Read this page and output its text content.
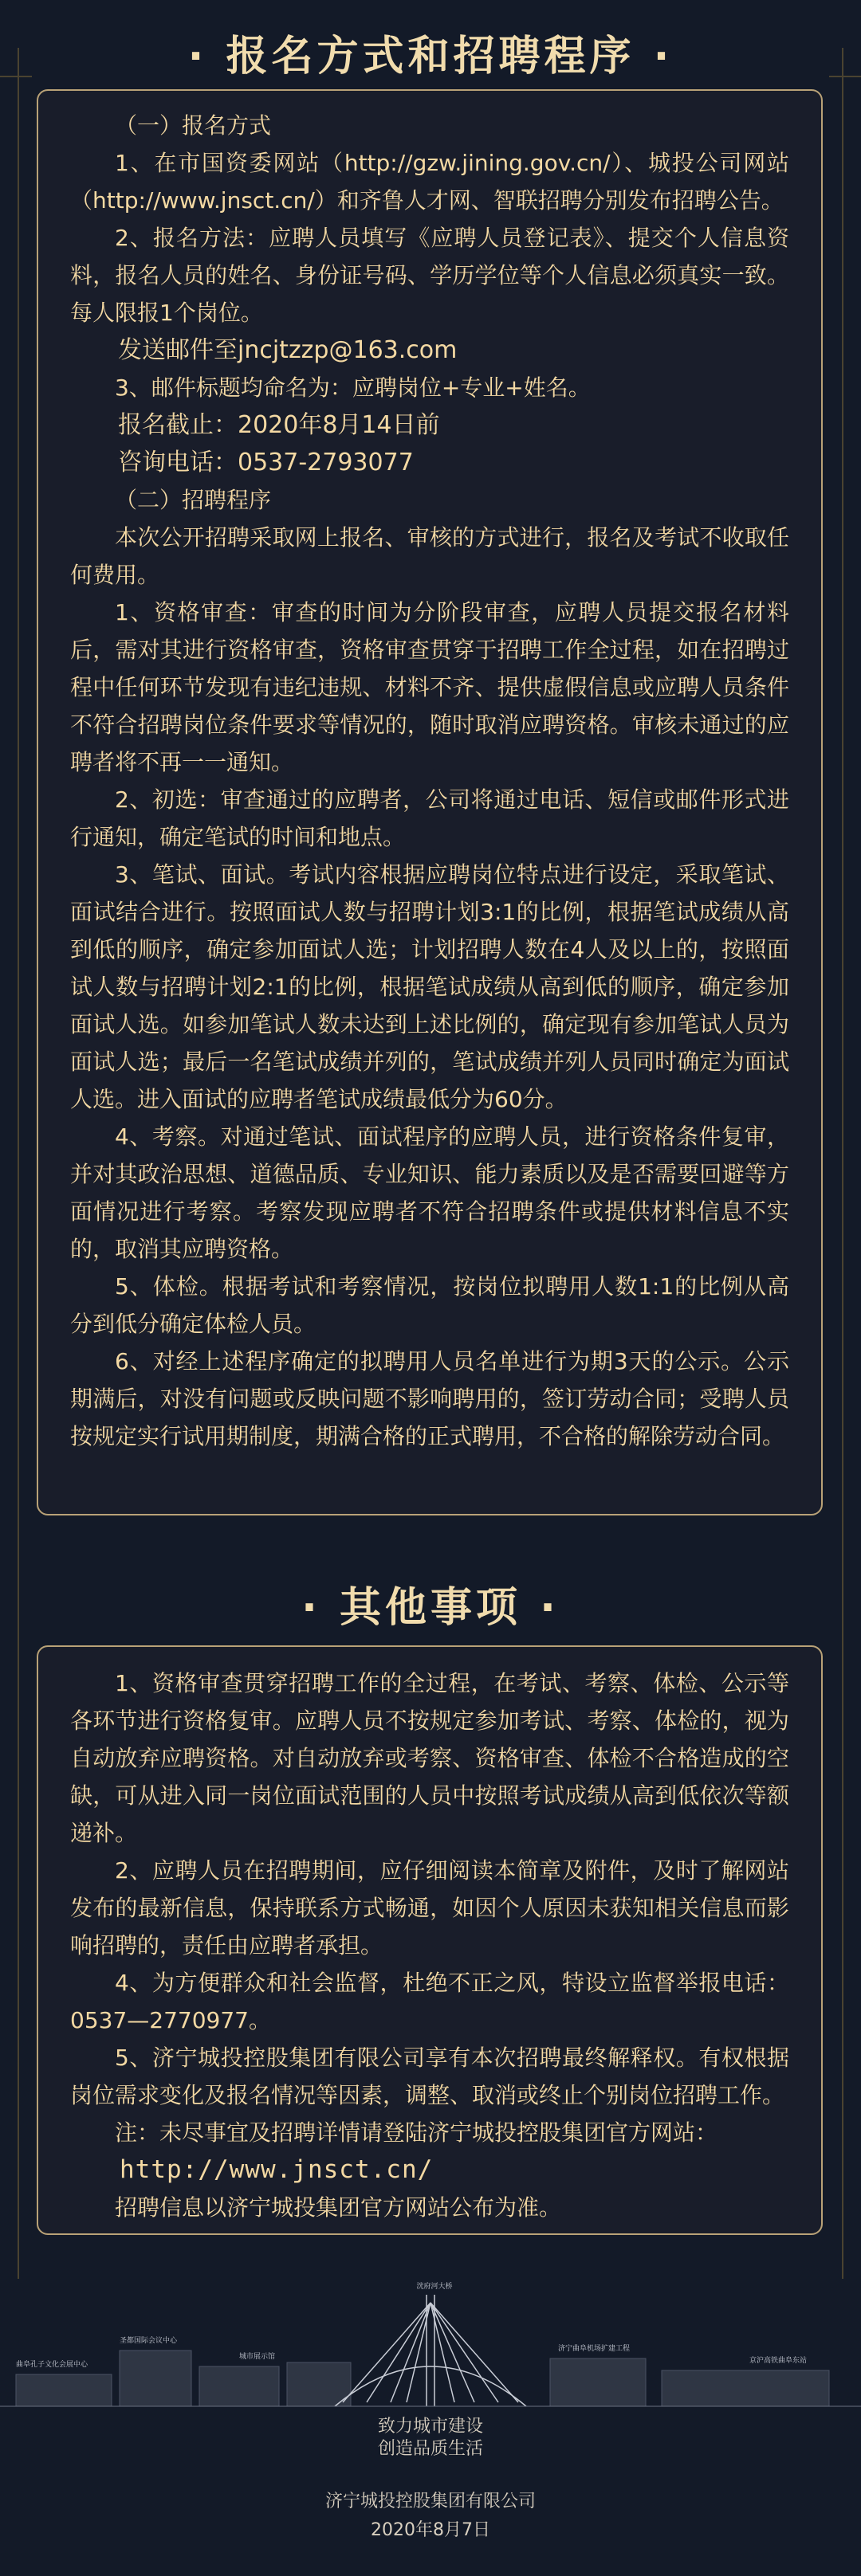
· 报名方式和招聘程序 ·

（一）报名方式

1、在市国资委网站（http://gzw.jining.gov.cn/）、城投公司网站（http://www.jnsct.cn/）和齐鲁人才网、智联招聘分别发布招聘公告。

2、报名方法：应聘人员填写《应聘人员登记表》、提交个人信息资料，报名人员的姓名、身份证号码、学历学位等个人信息必须真实一致。每人限报1个岗位。

发送邮件至jncjtzzp@163.com

3、邮件标题均命名为：应聘岗位+专业+姓名。

报名截止：2020年8月14日前

咨询电话：0537-2793077

（二）招聘程序

本次公开招聘采取网上报名、审核的方式进行，报名及考试不收取任何费用。

1、资格审查：审查的时间为分阶段审查，应聘人员提交报名材料后，需对其进行资格审查，资格审查贯穿于招聘工作全过程，如在招聘过程中任何环节发现有违纪违规、材料不齐、提供虚假信息或应聘人员条件不符合招聘岗位条件要求等情况的，随时取消应聘资格。审核未通过的应聘者将不再一一通知。

2、初选：审查通过的应聘者，公司将通过电话、短信或邮件形式进行通知，确定笔试的时间和地点。

3、笔试、面试。考试内容根据应聘岗位特点进行设定，采取笔试、面试结合进行。按照面试人数与招聘计划3:1的比例，根据笔试成绩从高到低的顺序，确定参加面试人选；计划招聘人数在4人及以上的，按照面试人数与招聘计划2:1的比例，根据笔试成绩从高到低的顺序，确定参加面试人选。如参加笔试人数未达到上述比例的，确定现有参加笔试人员为面试人选；最后一名笔试成绩并列的，笔试成绩并列人员同时确定为面试人选。进入面试的应聘者笔试成绩最低分为60分。

4、考察。对通过笔试、面试程序的应聘人员，进行资格条件复审，并对其政治思想、道德品质、专业知识、能力素质以及是否需要回避等方面情况进行考察。考察发现应聘者不符合招聘条件或提供材料信息不实的，取消其应聘资格。

5、体检。根据考试和考察情况，按岗位拟聘用人数1:1的比例从高分到低分确定体检人员。

6、对经上述程序确定的拟聘用人员名单进行为期3天的公示。公示期满后，对没有问题或反映问题不影响聘用的，签订劳动合同；受聘人员按规定实行试用期制度，期满合格的正式聘用，不合格的解除劳动合同。

· 其他事项 ·

1、资格审查贯穿招聘工作的全过程，在考试、考察、体检、公示等各环节进行资格复审。应聘人员不按规定参加考试、考察、体检的，视为自动放弃应聘资格。对自动放弃或考察、资格审查、体检不合格造成的空缺，可从进入同一岗位面试范围的人员中按照考试成绩从高到低依次等额递补。

2、应聘人员在招聘期间，应仔细阅读本简章及附件，及时了解网站发布的最新信息，保持联系方式畅通，如因个人原因未获知相关信息而影响招聘的，责任由应聘者承担。

4、为方便群众和社会监督，杜绝不正之风，特设立监督举报电话：0537—2770977。

5、济宁城投控股集团有限公司享有本次招聘最终解释权。有权根据岗位需求变化及报名情况等因素，调整、取消或终止个别岗位招聘工作。

注：未尽事宜及招聘详情请登陆济宁城投控股集团官方网站：

http://www.jnsct.cn/

招聘信息以济宁城投集团官方网站公布为准。

洸府河大桥
圣都国际会议中心
曲阜孔子文化会展中心
城市展示馆
济宁曲阜机场扩建工程
京沪高铁曲阜东站
致力城市建设
创造品质生活
济宁城投控股集团有限公司
2020年8月7日
